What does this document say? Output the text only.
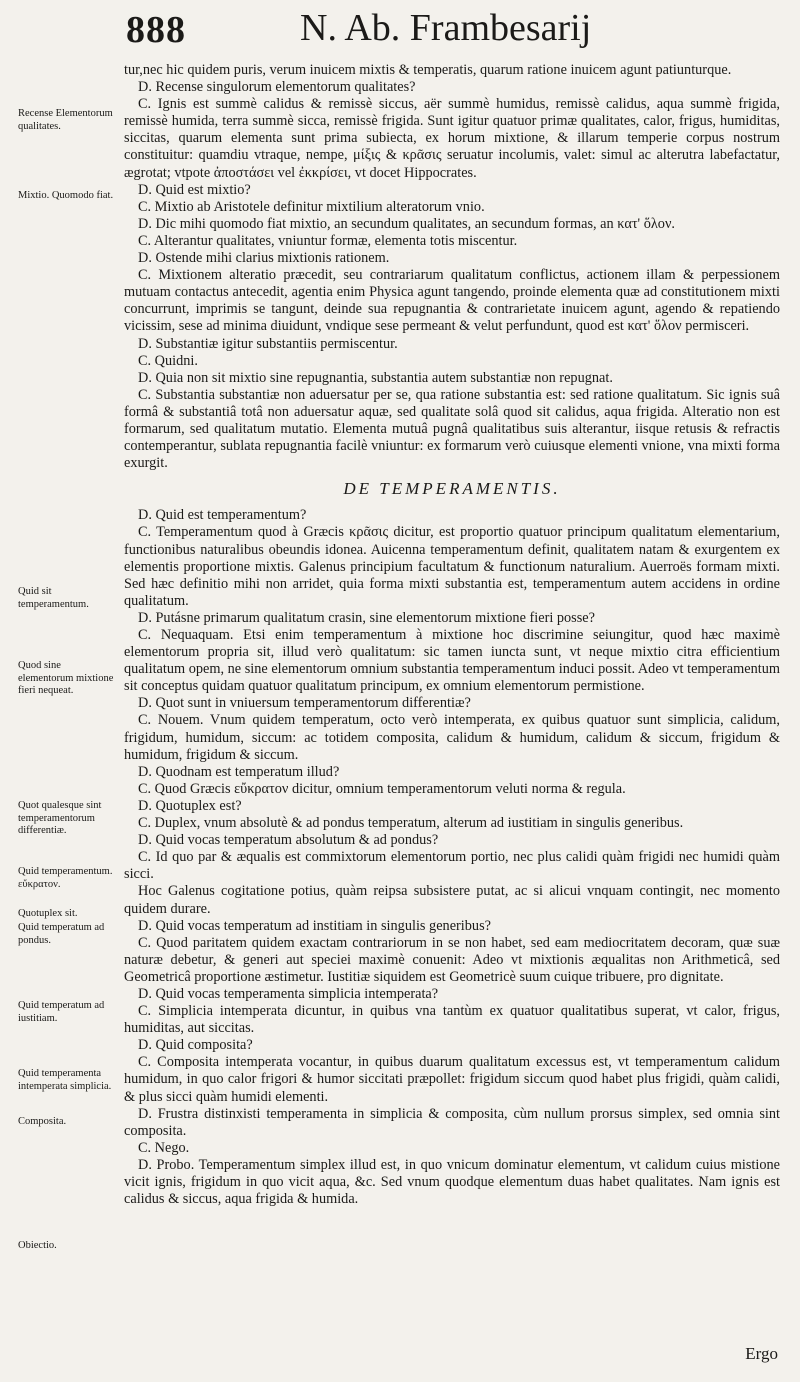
888	N. Ab. Frambesarij
Recense Elementorum qualitates.
Mixtio. Quomodo fiat.
Quid sit temperamentum.
Quod sine elementorum mixtione fieri nequeat.
Quot qualesque sint temperamentorum differentiæ.
Quid temperamentum. εὔκρατον.
Quotuplex sit.
Quid temperatum ad pondus.
Quid temperatum ad iustitiam.
Quid temperamenta intemperata simplicia.
Composita.
Obiectio.

tur,nec hic quidem puris, verum inuicem mixtis & temperatis, quarum ratione inuicem agunt patiunturque.

D. Recense singulorum elementorum qualitates?

C. Ignis est summè calidus & remissè siccus, aër summè humidus, remissè calidus, aqua summè frigida, remissè humida, terra summè sicca, remissè frigida. Sunt igitur quatuor primæ qualitates, calor, frigus, humiditas, siccitas, quarum elementa sunt prima subiecta, ex horum mixtione, & illarum temperie corpus nostrum constituitur: quamdiu vtraque, nempe, μίξις & κρᾶσις seruatur incolumis, valet: simul ac alterutra labefactatur, ægrotat; vtpote ἀποστάσει vel ἐκκρίσει, vt docet Hippocrates.

D. Quid est mixtio?

C. Mixtio ab Aristotele definitur mixtilium alteratorum vnio.

D. Dic mihi quomodo fiat mixtio, an secundum qualitates, an secundum formas, an κατ' ὅλον.

C. Alterantur qualitates, vniuntur formæ, elementa totis miscentur.

D. Ostende mihi clarius mixtionis rationem.

C. Mixtionem alteratio præcedit, seu contrariarum qualitatum conflictus, actionem illam & perpessionem mutuam contactus antecedit, agentia enim Physica agunt tangendo, proinde elementa quæ ad constitutionem mixti concurrunt, imprimis se tangunt, deinde sua repugnantia & contrarietate inuicem agunt, agendo & repatiendo vicissim, sese ad minima diuidunt, vndique sese permeant & velut perfundunt, quod est κατ' ὅλον permisceri.

D. Substantiæ igitur substantiis permiscentur.

C. Quidni.

D. Quia non sit mixtio sine repugnantia, substantia autem substantiæ non repugnat.

C. Substantia substantiæ non aduersatur per se, qua ratione substantia est: sed ratione qualitatum. Sic ignis suâ formâ & substantiâ totâ non aduersatur aquæ, sed qualitate solâ quod sit calidus, aqua frigida. Alteratio non est formarum, sed qualitatum mutatio. Elementa mutuâ pugnâ qualitatibus suis alterantur, iisque retusis & refractis contemperantur, sublata repugnantia facilè vniuntur: ex formarum verò cuiusque elementi vnione, vna mixti forma exurgit.

DE TEMPERAMENTIS.

D. Quid est temperamentum?

C. Temperamentum quod à Græcis κρᾶσις dicitur, est proportio quatuor principum qualitatum elementarium, functionibus naturalibus obeundis idonea. Auicenna temperamentum definit, qualitatem natam & exurgentem ex elementis proportione mixtis. Galenus principium facultatum & functionum naturalium. Auerroës formam mixti. Sed hæc definitio mihi non arridet, quia forma mixti substantia est, temperamentum autem accidens in ordine qualitatum.

D. Putásne primarum qualitatum crasin, sine elementorum mixtione fieri posse?

C. Nequaquam. Etsi enim temperamentum à mixtione hoc discrimine seiungitur, quod hæc maximè elementorum propria sit, illud verò qualitatum: sic tamen iuncta sunt, vt neque mixtio citra efficientium qualitatum opem, ne sine elementorum omnium substantia temperamentum induci possit. Adeo vt temperamentum sit conceptus quidam quatuor qualitatum principum, ex omnium elementorum permistione.

D. Quot sunt in vniuersum temperamentorum differentiæ?

C. Nouem. Vnum quidem temperatum, octo verò intemperata, ex quibus quatuor sunt simplicia, calidum, frigidum, humidum, siccum: ac totidem composita, calidum & humidum, calidum & siccum, frigidum & humidum, frigidum & siccum.

D. Quodnam est temperatum illud?

C. Quod Græcis εὔκρατον dicitur, omnium temperamentorum veluti norma & regula.

D. Quotuplex est?

C. Duplex, vnum absolutè & ad pondus temperatum, alterum ad iustitiam in singulis generibus.

D. Quid vocas temperatum absolutum & ad pondus?

C. Id quo par & æqualis est commixtorum elementorum portio, nec plus calidi quàm frigidi nec humidi quàm sicci.

Hoc Galenus cogitatione potius, quàm reipsa subsistere putat, ac si alicui vnquam contingit, nec momento quidem durare.

D. Quid vocas temperatum ad institiam in singulis generibus?

C. Quod paritatem quidem exactam contrariorum in se non habet, sed eam mediocritatem decoram, quæ suæ naturæ debetur, & generi aut speciei maximè conuenit: Adeo vt mixtionis æqualitas non Arithmeticâ, sed Geometricâ proportione æstimetur. Iustitiæ siquidem est Geometricè suum cuique tribuere, pro dignitate.

D. Quid vocas temperamenta simplicia intemperata?

C. Simplicia intemperata dicuntur, in quibus vna tantùm ex quatuor qualitatibus superat, vt calor, frigus, humiditas, aut siccitas.

D. Quid composita?

C. Composita intemperata vocantur, in quibus duarum qualitatum excessus est, vt temperamentum calidum humidum, in quo calor frigori & humor siccitati præpollet: frigidum siccum quod habet plus frigidi, quàm calidi, & plus sicci quàm humidi elementi.

D. Frustra distinxisti temperamenta in simplicia & composita, cùm nullum prorsus simplex, sed omnia sint composita.

C. Nego.

D. Probo. Temperamentum simplex illud est, in quo vnicum dominatur elementum, vt calidum cuius mistione vicit ignis, frigidum in quo vicit aqua, &c. Sed vnum quodque elementum duas habet qualitates. Nam ignis est calidus & siccus, aqua frigida & humida.

Ergo
